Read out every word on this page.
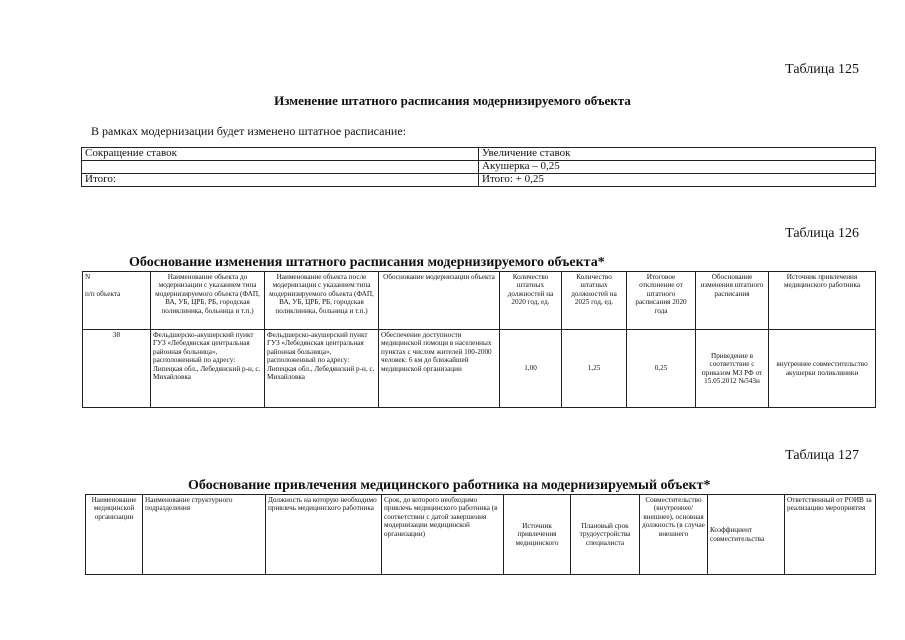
Таблица 125
Изменение штатного расписания модернизируемого объекта
В рамках модернизации будет изменено штатное расписание:
Сокращение ставок	Увеличение ставок
	Акушерка – 0,25
Итого:	Итого: + 0,25
Таблица 126
Обоснование изменения штатного расписания модернизируемого объекта*
N

п/п объекта	Наименование объекта до модернизации с указанием типа модернизируемого объекта (ФАП, ВА, УБ, ЦРБ, РБ, городская поликлиника, больница и т.п.)	Наименование объекта после модернизации с указанием типа модернизируемого объекта (ФАП, ВА, УБ, ЦРБ, РБ, городская поликлиника, больница и т.п.)	Обоснование модернизации объекта	Количество штатных должностей на 2020 год, ед.	Количество штатных должностей на 2025 год, ед.	Итоговое отклонение от штатного расписания 2020 года	Обоснование изменения штатного расписания	Источник привлечения медицинского работника
38	Фельдшерско-акушерский пункт ГУЗ «Лебедянская центральная районная больница», расположенный по адресу:
Липецкая обл., Лебедянский р-н, с. Михайловка	Фельдшерско-акушерский пункт ГУЗ «Лебедянская центральная районная больница», расположенный по адресу:
Липецкая обл., Лебедянский р-н, с. Михайловка	Обеспечение доступности медицинской помощи в населенных пунктах с числом жителей 100-2000 человек: 6 км до ближайшей медицинской организации	1,00	1,25	0,25	Приведение в соответствие с приказом МЗ РФ от 15.05.2012 №543н	внутреннее совместительство акушерки поликлиники
Таблица 127
Обоснование привлечения медицинского работника на модернизируемый объект*
Наименование медицинской организации	Наименование структурного подразделения	Должность на которую необходимо привлечь медицинского работника	Срок, до которого необходимо привлечь медицинского работника (в соответствии с датой завершения модернизации медицинской организации)	Источник привлечения медицинского	Плановый срок трудоустройства специалиста	Совместительство (внутреннее/внешнее), основная должность (в случае внешнего	Коэффициент совместительства	Ответственный от РОИВ за реализацию мероприятия
